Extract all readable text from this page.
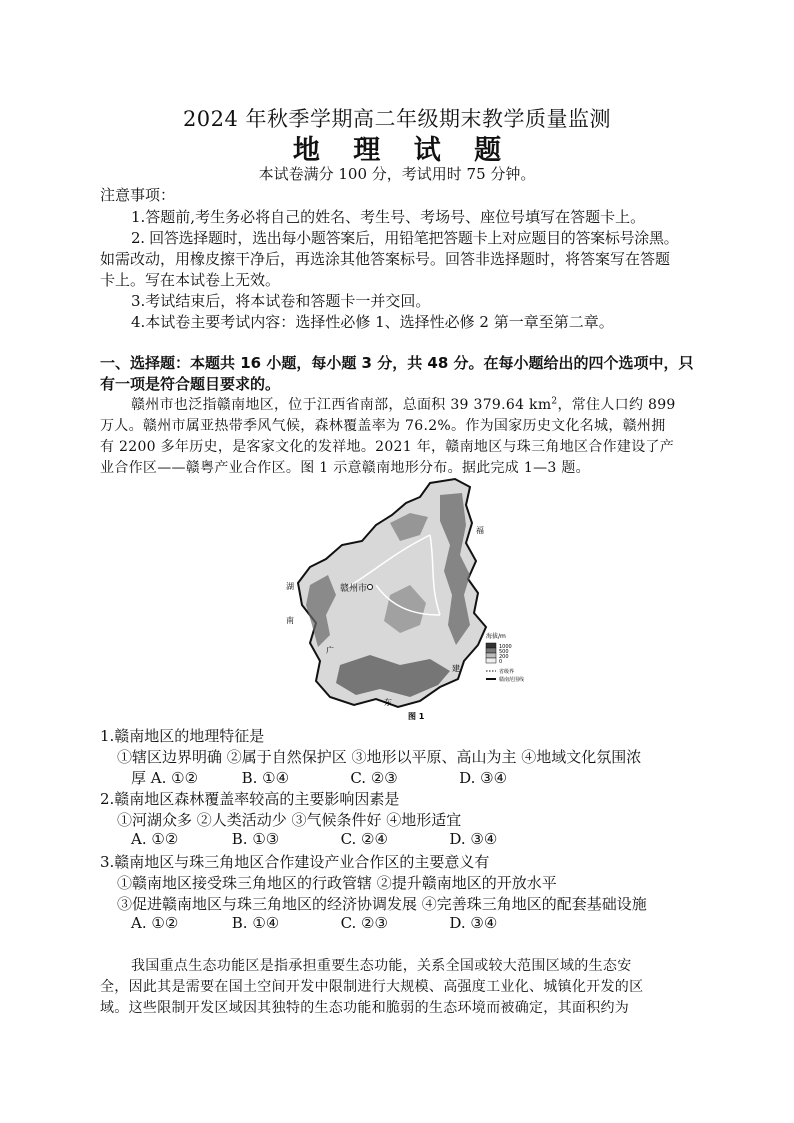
2024 年秋季学期高二年级期末教学质量监测
地 理 试 题
本试卷满分 100 分，考试用时 75 分钟。
注意事项：
1.答题前,考生务必将自己的姓名、考生号、考场号、座位号填写在答题卡上。
2. 回答选择题时，选出每小题答案后，用铅笔把答题卡上对应题目的答案标号涂黑。
如需改动，用橡皮擦干净后，再选涂其他答案标号。回答非选择题时，将答案写在答题
卡上。写在本试卷上无效。
3.考试结束后，将本试卷和答题卡一并交回。
4.本试卷主要考试内容：选择性必修 1、选择性必修 2 第一章至第二章。
一、选择题：本题共 16 小题，每小题 3 分，共 48 分。在每小题给出的四个选项中，只
有一项是符合题目要求的。
赣州市也泛指赣南地区，位于江西省南部，总面积 39 379.64 $km^2$，常住人口约 899
万人。赣州市属亚热带季风气候，森林覆盖率为 76.2%。作为国家历史文化名城，赣州拥
有 2200 多年历史，是客家文化的发祥地。2021 年，赣南地区与珠三角地区合作建设了产
业合作区——赣粤产业合作区。图 1 示意赣南地形分布。据此完成 1—3 题。
赣州市
湖
南
福
广
东
建
海拔/m
1000
500
200
0
省级界
赣南范围线
图 1
1.赣南地区的地理特征是
①辖区边界明确 ②属于自然保护区 ③地形以平原、高山为主 ④地域文化氛围浓
厚 A. ①②	B. ①④	C. ②③	D. ③④
2.赣南地区森林覆盖率较高的主要影响因素是
①河湖众多 ②人类活动少 ③气候条件好 ④地形适宜
A. ①②	B. ①③	C. ②④	D. ③④
3.赣南地区与珠三角地区合作建设产业合作区的主要意义有
①赣南地区接受珠三角地区的行政管辖 ②提升赣南地区的开放水平
③促进赣南地区与珠三角地区的经济协调发展 ④完善珠三角地区的配套基础设施
A. ①②	B. ①④	C. ②③	D. ③④
我国重点生态功能区是指承担重要生态功能，关系全国或较大范围区域的生态安
全，因此其是需要在国土空间开发中限制进行大规模、高强度工业化、城镇化开发的区
域。这些限制开发区域因其独特的生态功能和脆弱的生态环境而被确定，其面积约为
